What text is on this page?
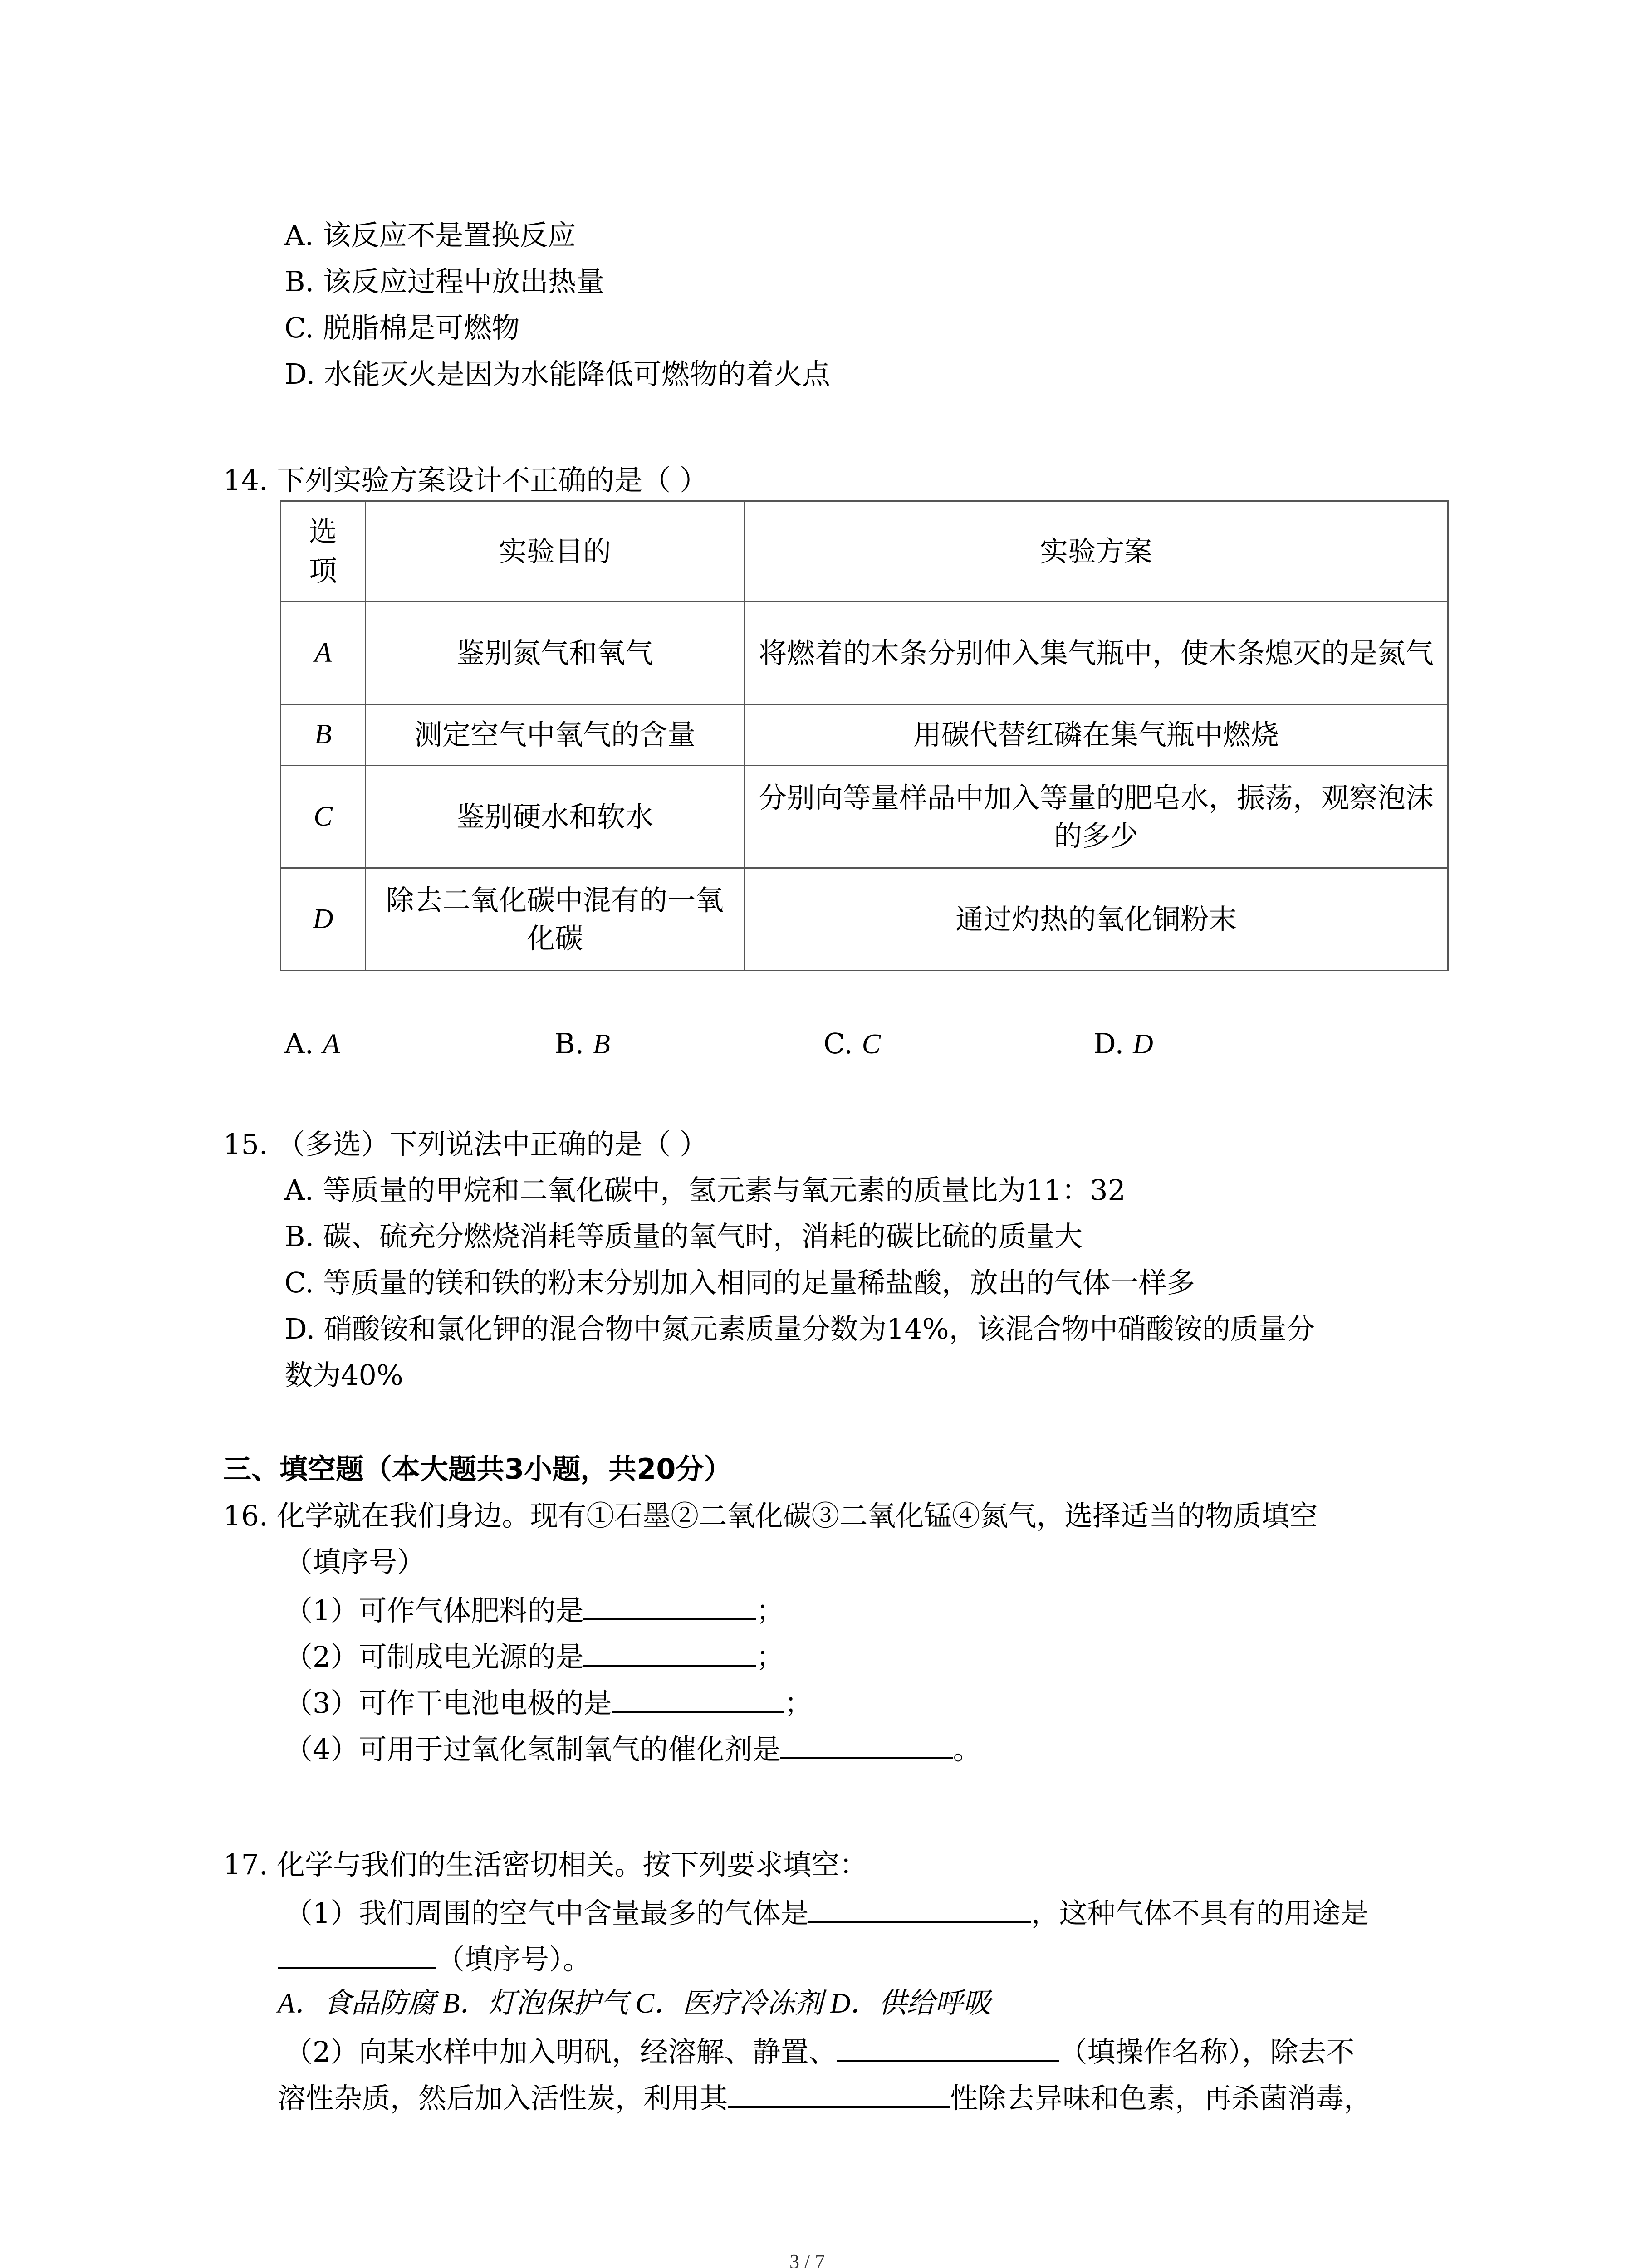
A. 该反应不是置换反应
B. 该反应过程中放出热量
C. 脱脂棉是可燃物
D. 水能灭火是因为水能降低可燃物的着火点
14. 下列实验方案设计不正确的是（ ）
选项	实验目的	实验方案
A	鉴别氮气和氧气	将燃着的木条分别伸入集气瓶中，使木条熄灭的是氮气
B	测定空气中氧气的含量	用碳代替红磷在集气瓶中燃烧
C	鉴别硬水和软水	分别向等量样品中加入等量的肥皂水，振荡，观察泡沫的多少
D	除去二氧化碳中混有的一氧化碳	通过灼热的氧化铜粉末
A. A	B. B	C. C	D. D
15. （多选）下列说法中正确的是（ ）
A. 等质量的甲烷和二氧化碳中，氢元素与氧元素的质量比为11：32
B. 碳、硫充分燃烧消耗等质量的氧气时，消耗的碳比硫的质量大
C. 等质量的镁和铁的粉末分别加入相同的足量稀盐酸，放出的气体一样多
D. 硝酸铵和氯化钾的混合物中氮元素质量分数为14%，该混合物中硝酸铵的质量分
数为40%
三、填空题（本大题共3小题，共20分）
16. 化学就在我们身边。现有①石墨②二氧化碳③二氧化锰④氮气，选择适当的物质填空
（填序号）
（1）可作气体肥料的是	；
（2）可制成电光源的是	；
（3）可作干电池电极的是	；
（4）可用于过氧化氢制氧气的催化剂是	。
17. 化学与我们的生活密切相关。按下列要求填空：
（1）我们周围的空气中含量最多的气体是	，这种气体不具有的用途是
（填序号）。
A．食品防腐 B．灯泡保护气 C．医疗冷冻剂 D．供给呼吸
（2）向某水样中加入明矾，经溶解、静置、	（填操作名称），除去不
溶性杂质，然后加入活性炭，利用其	性除去异味和色素，再杀菌消毒，
3 / 7
